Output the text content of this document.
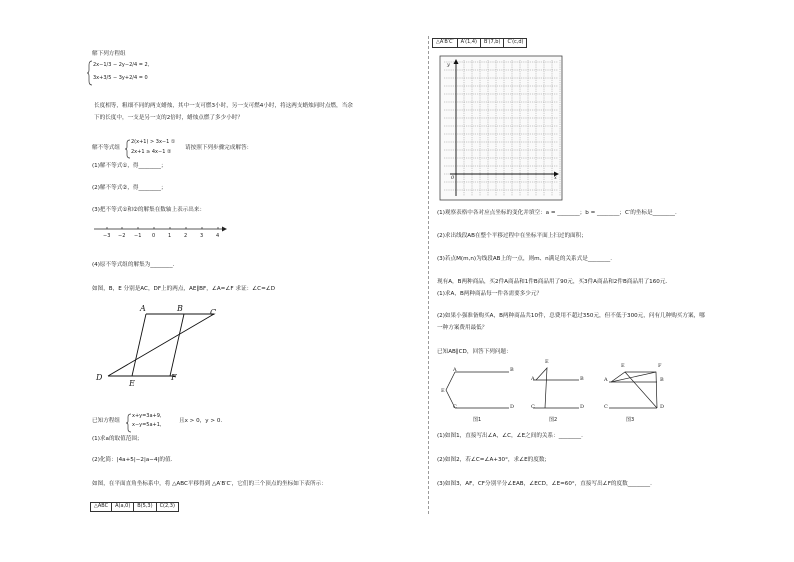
解下列方程组
2x−1/3 − 2y−2/4 = 2,
3x+3/5 − 3y+2/4 = 0
长度相等，粗细不同的两支蜡烛，其中一支可燃3小时，另一支可燃4小时，将这两支蜡烛同时点燃，当余
下的长度中，一支是另一支的2倍时，蜡烛点燃了多少小时？
解不等式组
2(x+1) > 3x−1 ①
2x+1 ≥ 4x−1 ②
请按照下列步骤完成解答：
(1)解不等式①，得________；
(2)解不等式②，得________；
(3)把不等式①和②的解集在数轴上表示出来：
−3 −2 −1 0	1	2	3	4
(4)原不等式组的解集为________.
如图，B，E 分别是AC，DF上的两点，AE∥BF，∠A=∠F 求证：∠C=∠D
A	B	C
D
E
F
已知方程组
x+y=3a+9,
x−y=5a+1,
且x > 0，y > 0.
(1)求a的取值范围；
(2)化简：|4a+5|−2|a−4|的值.
如图，在平面直角坐标系中，将 △ABC平移得到 △A′B′C′，它们的三个顶点的坐标如下表所示：
△ABC	A(a,0)	B(5,3)	C(2,3)
△A′B′C′	A′(1,4)	B′(7,b)	C′(c,d)
y
x
0
(1)观察表格中各对应点坐标的变化并填空：a = ________；b = ________；C′的坐标是________.
(2)求出线段AB在整个平移过程中在坐标平面上扫过的面积；
(3)若点M(m,n)为线段AB上的一点，则m、n满足的关系式是________.
现有A，B两种商品，买2件A商品和1件B商品用了90元，买3件A商品和2件B商品用了160元.
(1)求A，B两种商品每一件各需要多少元？
(2)如果小强准备购买A，B两种商品共10件，总费用不超过350元，但不低于300元，问有几种购买方案，哪
一种方案费用最低？
已知AB∥CD，回答下列问题：
A	B
E
C	D
A	B
E
C	D
A	B
E	F
C	D
图1	图2	图3
(1)如图1，直接写出∠A，∠C，∠E之间的关系：________.
(2)如图2，若∠C=∠A+30°，求∠E的度数；
(3)如图3，AF，CF分别平分∠EAB，∠ECD，∠E=60°，直接写出∠F的度数________.
